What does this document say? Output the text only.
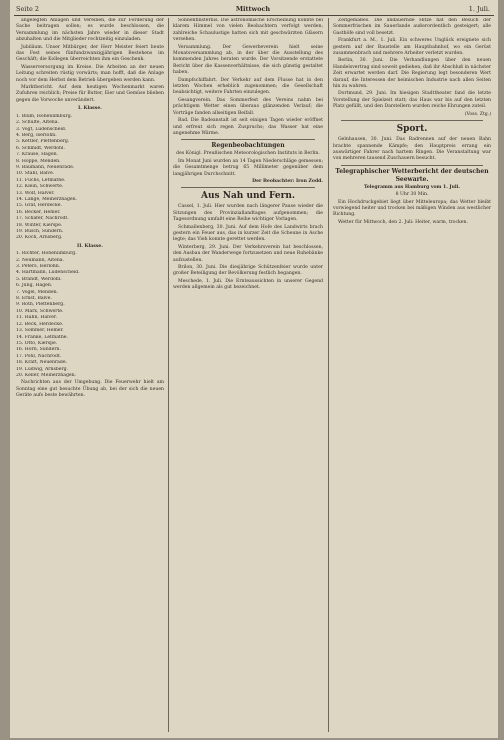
Seite 2	Mittwoch	1. Juli.

angelegten Anlagen und Vereinen, die zur Förderung der Sache beitragen sollen; es wurde beschlossen, die Versammlung im nächsten Jahre wieder in dieser Stadt abzuhalten und die Mitglieder rechtzeitig einzuladen.

Jubiläum. Unser Mitbürger, der Herr Meister feiert heute das Fest seines fünfundzwanzigjährigen Bestehens im Geschäft; die Kollegen überreichten ihm ein Geschenk.

Wasserversorgung im Kreise. Die Arbeiten an der neuen Leitung schreiten rüstig vorwärts; man hofft, daß die Anlage noch vor dem Herbst dem Betrieb übergeben werden kann.

Marktbericht. Auf dem heutigen Wochenmarkt waren Zufuhren reichlich; Preise für Butter, Eier und Gemüse blieben gegen die Vorwoche unverändert.

I. Klasse.
1. Blum, Hohenlimburg.
2. Schulte, Altena.
3. Vogt, Lüdenscheid.
4. Berg, Iserlohn.
5. Kettler, Plettenberg.
6. Schmidt, Werdohl.
7. Krause, Hagen.
8. Hoppe, Menden.
9. Baumann, Neuenrade.
10. Stahl, Balve.
11. Fuchs, Letmathe.
12. Klein, Schwerte.
13. Wolf, Halver.
14. Lange, Meinerzhagen.
15. Graf, Herdecke.
16. Becker, Hemer.
17. Schäfer, Nachrodt.
18. Winter, Kierspe.
19. Busch, Sundern.
20. Koch, Arnsberg.
II. Klasse.
1. Richter, Hohenlimburg.
2. Neumann, Altena.
3. Peters, Iserlohn.
4. Hartmann, Lüdenscheid.
5. Brandt, Werdohl.
6. Jung, Hagen.
7. Vogel, Menden.
8. Ernst, Balve.
9. Roth, Plettenberg.
10. Marx, Schwerte.
11. Hahn, Halver.
12. Beck, Herdecke.
13. Sommer, Hemer.
14. Franke, Letmathe.
15. Otto, Kierspe.
16. Horn, Sundern.
17. Pohl, Nachrodt.
18. Kraft, Neuenrade.
19. Ludwig, Arnsberg.
20. Keller, Meinerzhagen.

Nachrichten aus der Umgebung. Die Feuerwehr hielt am Sonntag eine gut besuchte Übung ab, bei der sich die neuen Geräte aufs beste bewährten.

Sonnenfinsternis. Die astronomische Erscheinung konnte bei klarem Himmel von vielen Beobachtern verfolgt werden; zahlreiche Schaulustige hatten sich mit geschwärzten Gläsern versehen.

Versammlung. Der Gewerbeverein hielt seine Monatsversammlung ab, in der über die Ausstellung des kommenden Jahres beraten wurde. Der Vorsitzende erstattete Bericht über die Kassenverhältnisse, die sich günstig gestaltet haben.

Dampfschiffahrt. Der Verkehr auf dem Flusse hat in den letzten Wochen erheblich zugenommen; die Gesellschaft beabsichtigt, weitere Fahrten einzulegen.

Gesangverein. Das Sommerfest des Vereins nahm bei prächtigem Wetter einen überaus glänzenden Verlauf; die Vorträge fanden allseitigen Beifall.

Bad. Die Badeanstalt ist seit einigen Tagen wieder eröffnet und erfreut sich regen Zuspruchs; das Wasser hat eine angenehme Wärme.

Regenbeobachtungen
des Königl. Preußischen Meteorologischen Instituts in Berlin.

Im Monat Juni wurden an 14 Tagen Niederschläge gemessen; die Gesamtmenge betrug 65 Millimeter gegenüber dem langjährigen Durchschnitt.

Der Beobachter: Iron Zodd.
Aus Nah und Fern.

Cassel, 1. Juli. Hier wurden nach längerer Pause wieder die Sitzungen des Provinziallandtages aufgenommen; die Tagesordnung umfaßt eine Reihe wichtiger Vorlagen.

Schmallenberg, 30. Juni. Auf dem Hofe des Landwirts brach gestern ein Feuer aus, das in kurzer Zeit die Scheune in Asche legte; das Vieh konnte gerettet werden.

Winterberg, 29. Juni. Der Verkehrsverein hat beschlossen, den Ausbau der Wanderwege fortzusetzen und neue Ruhebänke aufzustellen.

Brilon, 30. Juni. Die diesjährige Schützenfeier wurde unter großer Beteiligung der Bevölkerung festlich begangen.

Meschede, 1. Juli. Die Ernteaussichten in unserer Gegend werden allgemein als gut bezeichnet.

Zeitgemäßes. Die andauernde Hitze hat den Besuch der Sommerfrischen im Sauerlande außerordentlich gesteigert; alle Gasthöfe sind voll besetzt.

Frankfurt a. M., 1. Juli. Ein schweres Unglück ereignete sich gestern auf der Baustelle am Hauptbahnhof, wo ein Gerüst zusammenbrach und mehrere Arbeiter verletzt wurden.

Berlin, 30. Juni. Die Verhandlungen über den neuen Handelsvertrag sind soweit gediehen, daß ihr Abschluß in nächster Zeit erwartet werden darf. Die Regierung legt besonderen Wert darauf, die Interessen der heimischen Industrie nach allen Seiten hin zu wahren.

Dortmund, 29. Juni. Im hiesigen Stadttheater fand die letzte Vorstellung der Spielzeit statt; das Haus war bis auf den letzten Platz gefüllt, und den Darstellern wurden reiche Ehrungen zuteil.

(Voss. Ztg.)
Sport.

Gelnhausen, 30. Juni. Das Radrennen auf der neuen Bahn brachte spannende Kämpfe; den Hauptpreis errang ein auswärtiger Fahrer nach hartem Ringen. Die Veranstaltung war von mehreren tausend Zuschauern besucht.

Telegraphischer Wetterbericht der deutschen Seewarte.
Telegramm aus Hamburg vom 1. Juli.
8 Uhr 30 Min.

Ein Hochdruckgebiet liegt über Mitteleuropa; das Wetter bleibt vorwiegend heiter und trocken bei mäßigen Winden aus westlicher Richtung.

Wetter für Mittwoch, den 2. Juli: Heiter, warm, trocken.
